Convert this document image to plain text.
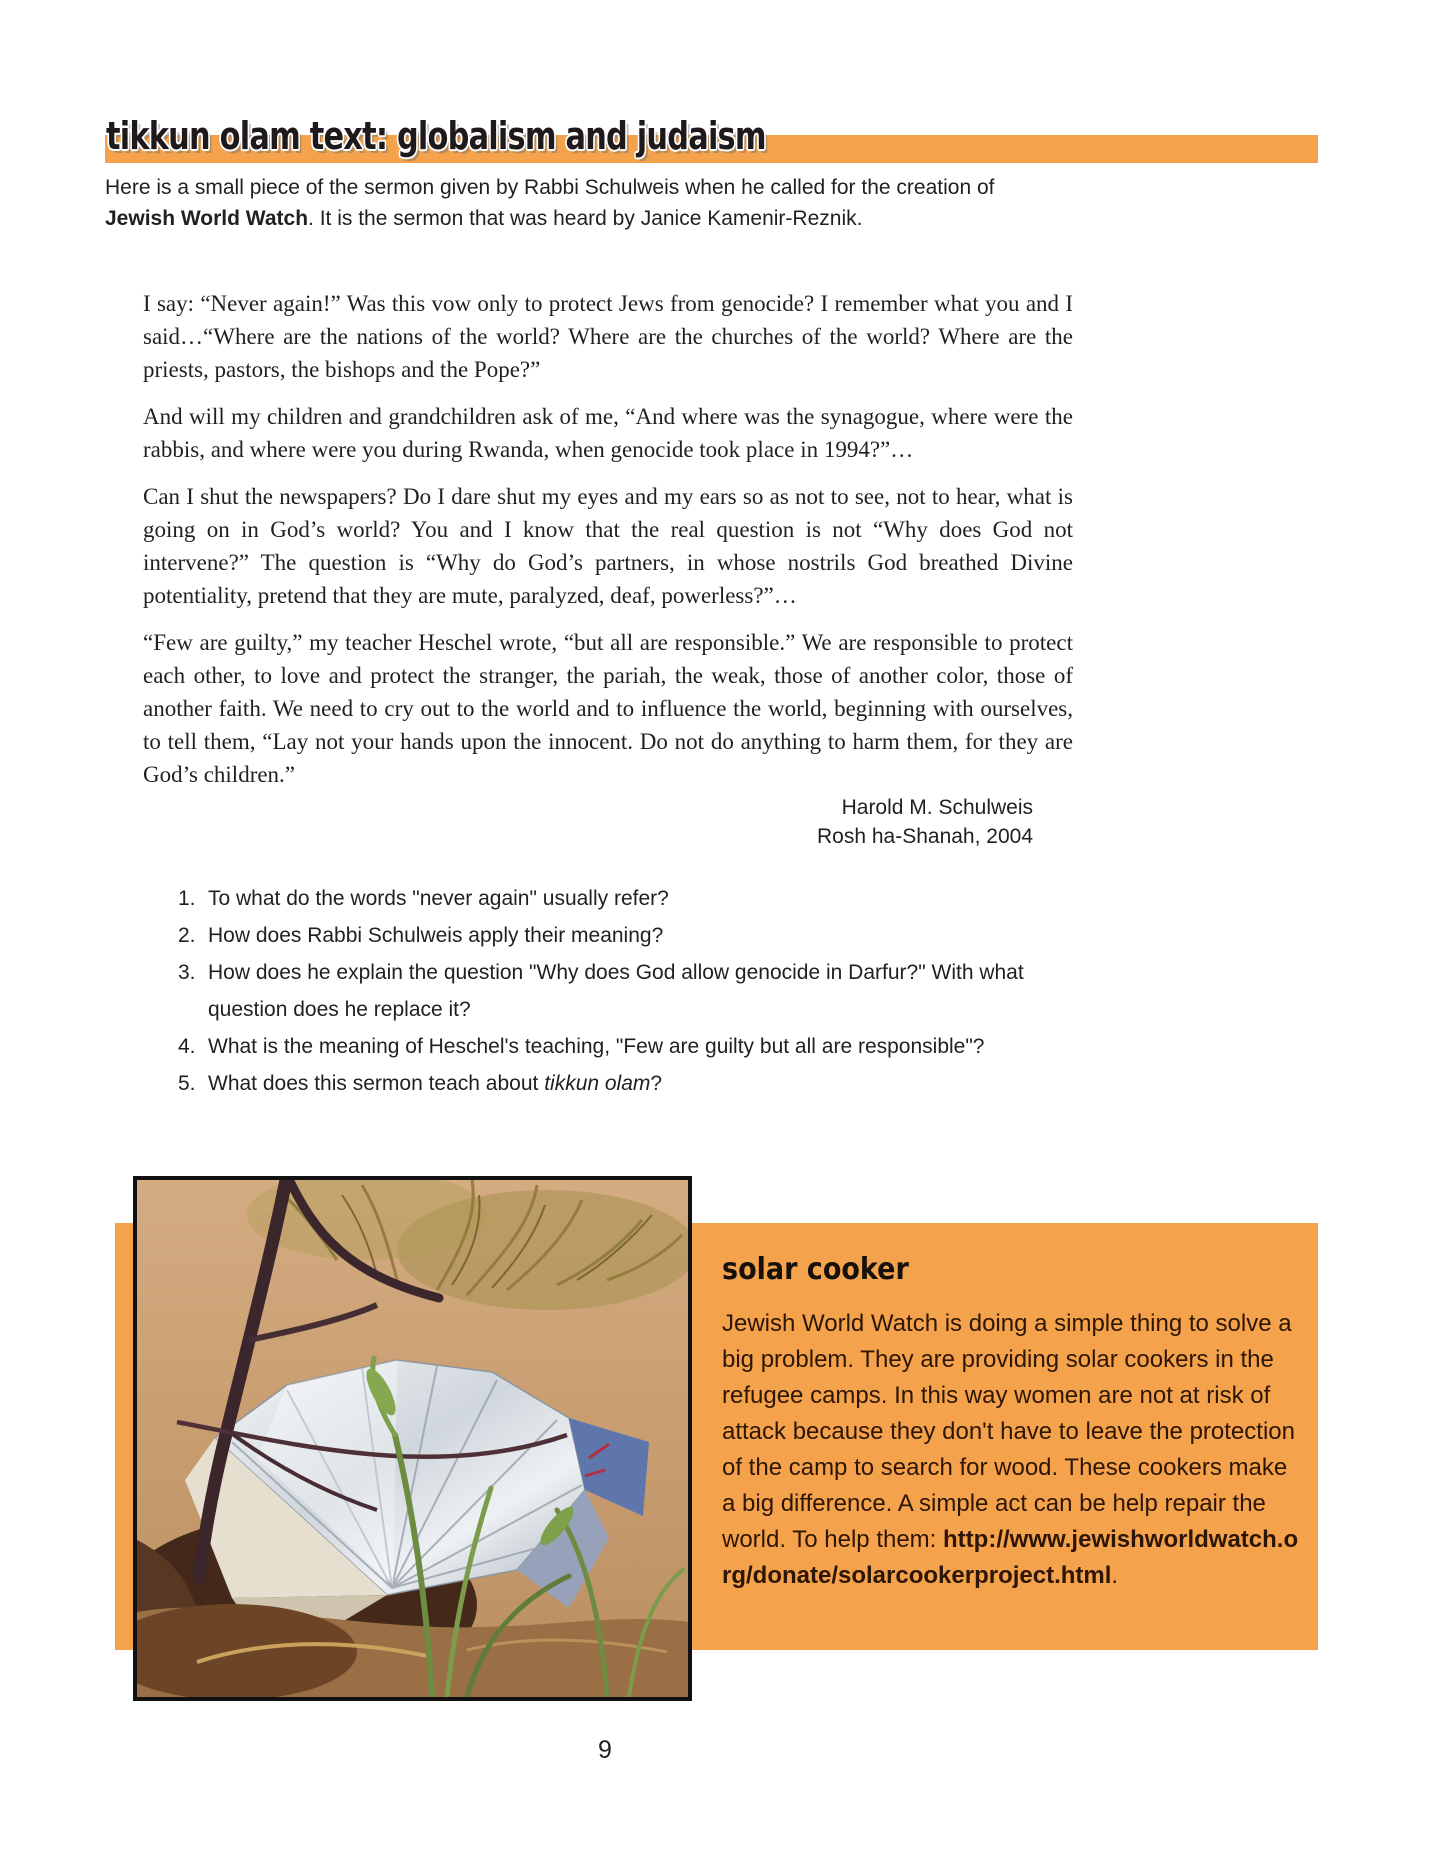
tikkun olam text: globalism and judaism

Here is a small piece of the sermon given by Rabbi Schulweis when he called for the creation of Jewish World Watch. It is the sermon that was heard by Janice Kamenir-Reznik.

I say: “Never again!” Was this vow only to protect Jews from genocide? I remember what you and I said…“Where are the nations of the world? Where are the churches of the world? Where are the priests, pastors, the bishops and the Pope?”

And will my children and grandchildren ask of me, “And where was the synagogue, where were the rabbis, and where were you during Rwanda, when genocide took place in 1994?”…

Can I shut the newspapers? Do I dare shut my eyes and my ears so as not to see, not to hear, what is going on in God’s world? You and I know that the real question is not “Why does God not intervene?” The question is “Why do God’s partners, in whose nostrils God breathed Divine potentiality, pretend that they are mute, paralyzed, deaf, powerless?”…

“Few are guilty,” my teacher Heschel wrote, “but all are responsible.” We are responsible to protect each other, to love and protect the stranger, the pariah, the weak, those of another color, those of another faith. We need to cry out to the world and to influence the world, beginning with ourselves, to tell them, “Lay not your hands upon the innocent. Do not do anything to harm them, for they are God’s children.”

Harold M. Schulweis
Rosh ha-Shanah, 2004
1. To what do the words "never again" usually refer?
2. How does Rabbi Schulweis apply their meaning?
3. How does he explain the question "Why does God allow genocide in Darfur?" With what question does he replace it?
4. What is the meaning of Heschel's teaching, "Few are guilty but all are responsible"?
5. What does this sermon teach about tikkun olam?
solar cooker

Jewish World Watch is doing a simple thing to solve a big problem. They are providing solar cookers in the refugee camps. In this way women are not at risk of attack because they don't have to leave the protection of the camp to search for wood. These cookers make a big difference. A simple act can be help repair the world. To help them: http://www.jewishworldwatch.org/donate/solarcookerproject.html.

9
